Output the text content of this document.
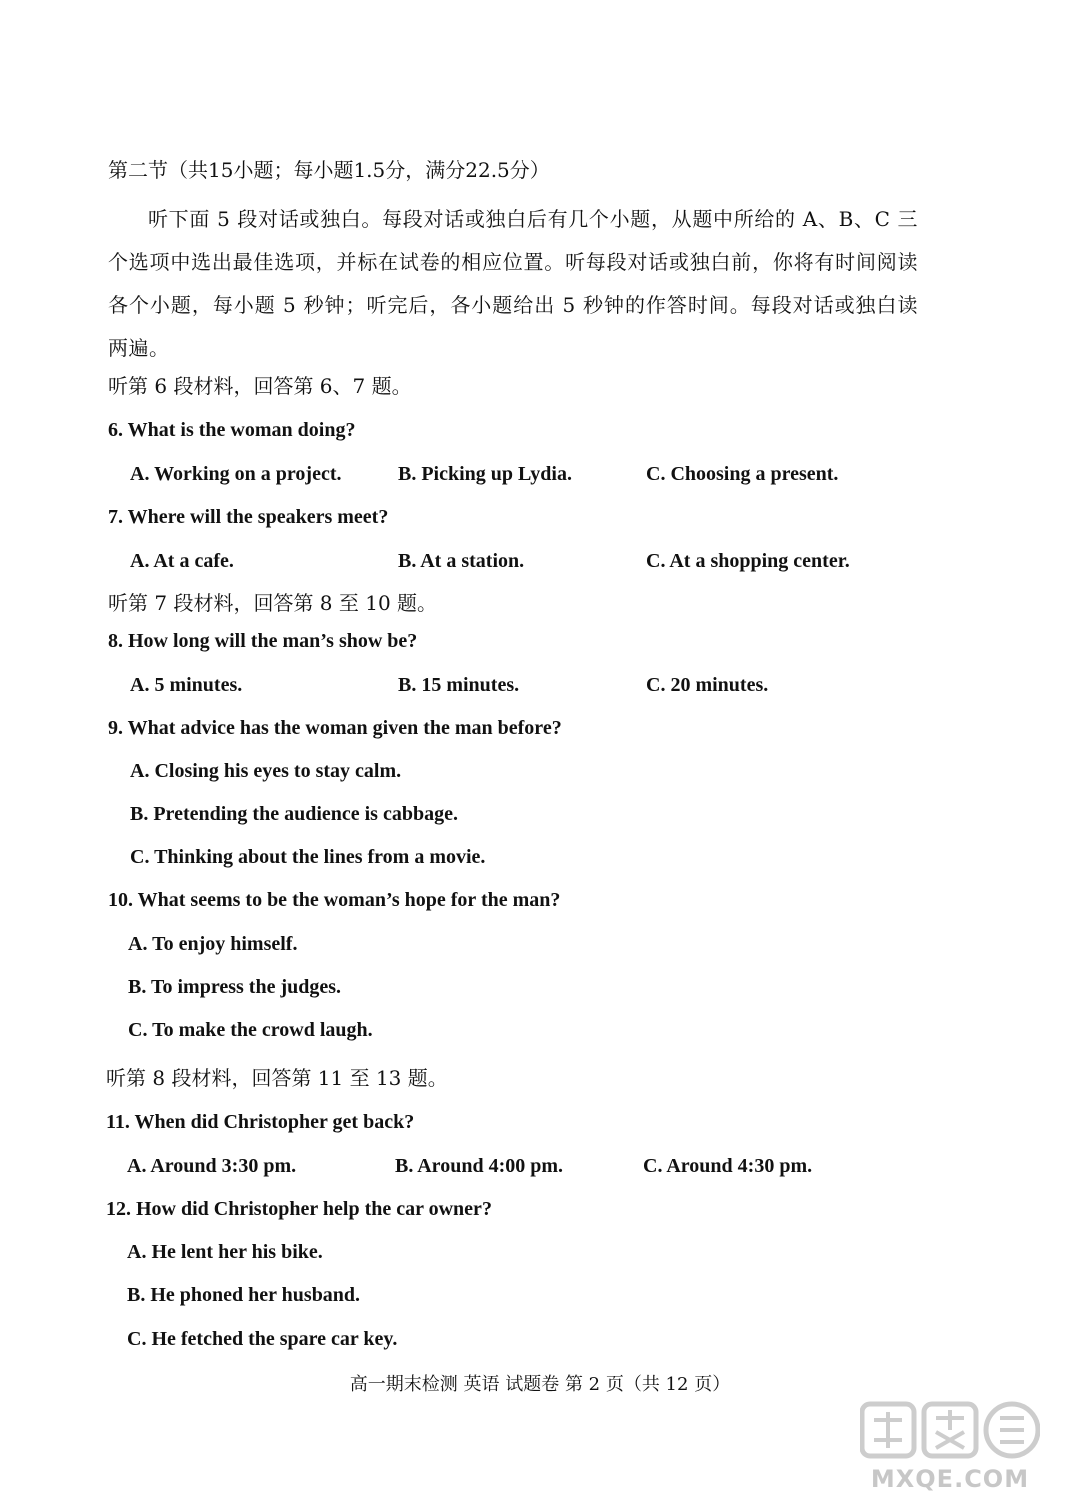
第二节（共15小题；每小题1.5分，满分22.5分）
听下面 5 段对话或独白。每段对话或独白后有几个小题，从题中所给的 A、B、C 三个选项中选出最佳选项，并标在试卷的相应位置。听每段对话或独白前，你将有时间阅读各个小题，每小题 5 秒钟；听完后，各小题给出 5 秒钟的作答时间。每段对话或独白读两遍。
听第 6 段材料，回答第 6、7 题。
6. What is the woman doing?
A. Working on a project.	B. Picking up Lydia.	C. Choosing a present.
7. Where will the speakers meet?
A. At a cafe.	B. At a station.	C. At a shopping center.
听第 7 段材料，回答第 8 至 10 题。
8. How long will the man’s show be?
A. 5 minutes.	B. 15 minutes.	C. 20 minutes.
9. What advice has the woman given the man before?
A. Closing his eyes to stay calm.
B. Pretending the audience is cabbage.
C. Thinking about the lines from a movie.
10. What seems to be the woman’s hope for the man?
A. To enjoy himself.
B. To impress the judges.
C. To make the crowd laugh.
听第 8 段材料，回答第 11 至 13 题。
11. When did Christopher get back?
A. Around 3:30 pm.	B. Around 4:00 pm.	C. Around 4:30 pm.
12. How did Christopher help the car owner?
A. He lent her his bike.
B. He phoned her husband.
C. He fetched the spare car key.
高一期末检测 英语 试题卷 第 2 页（共 12 页）
MXQE.COM
